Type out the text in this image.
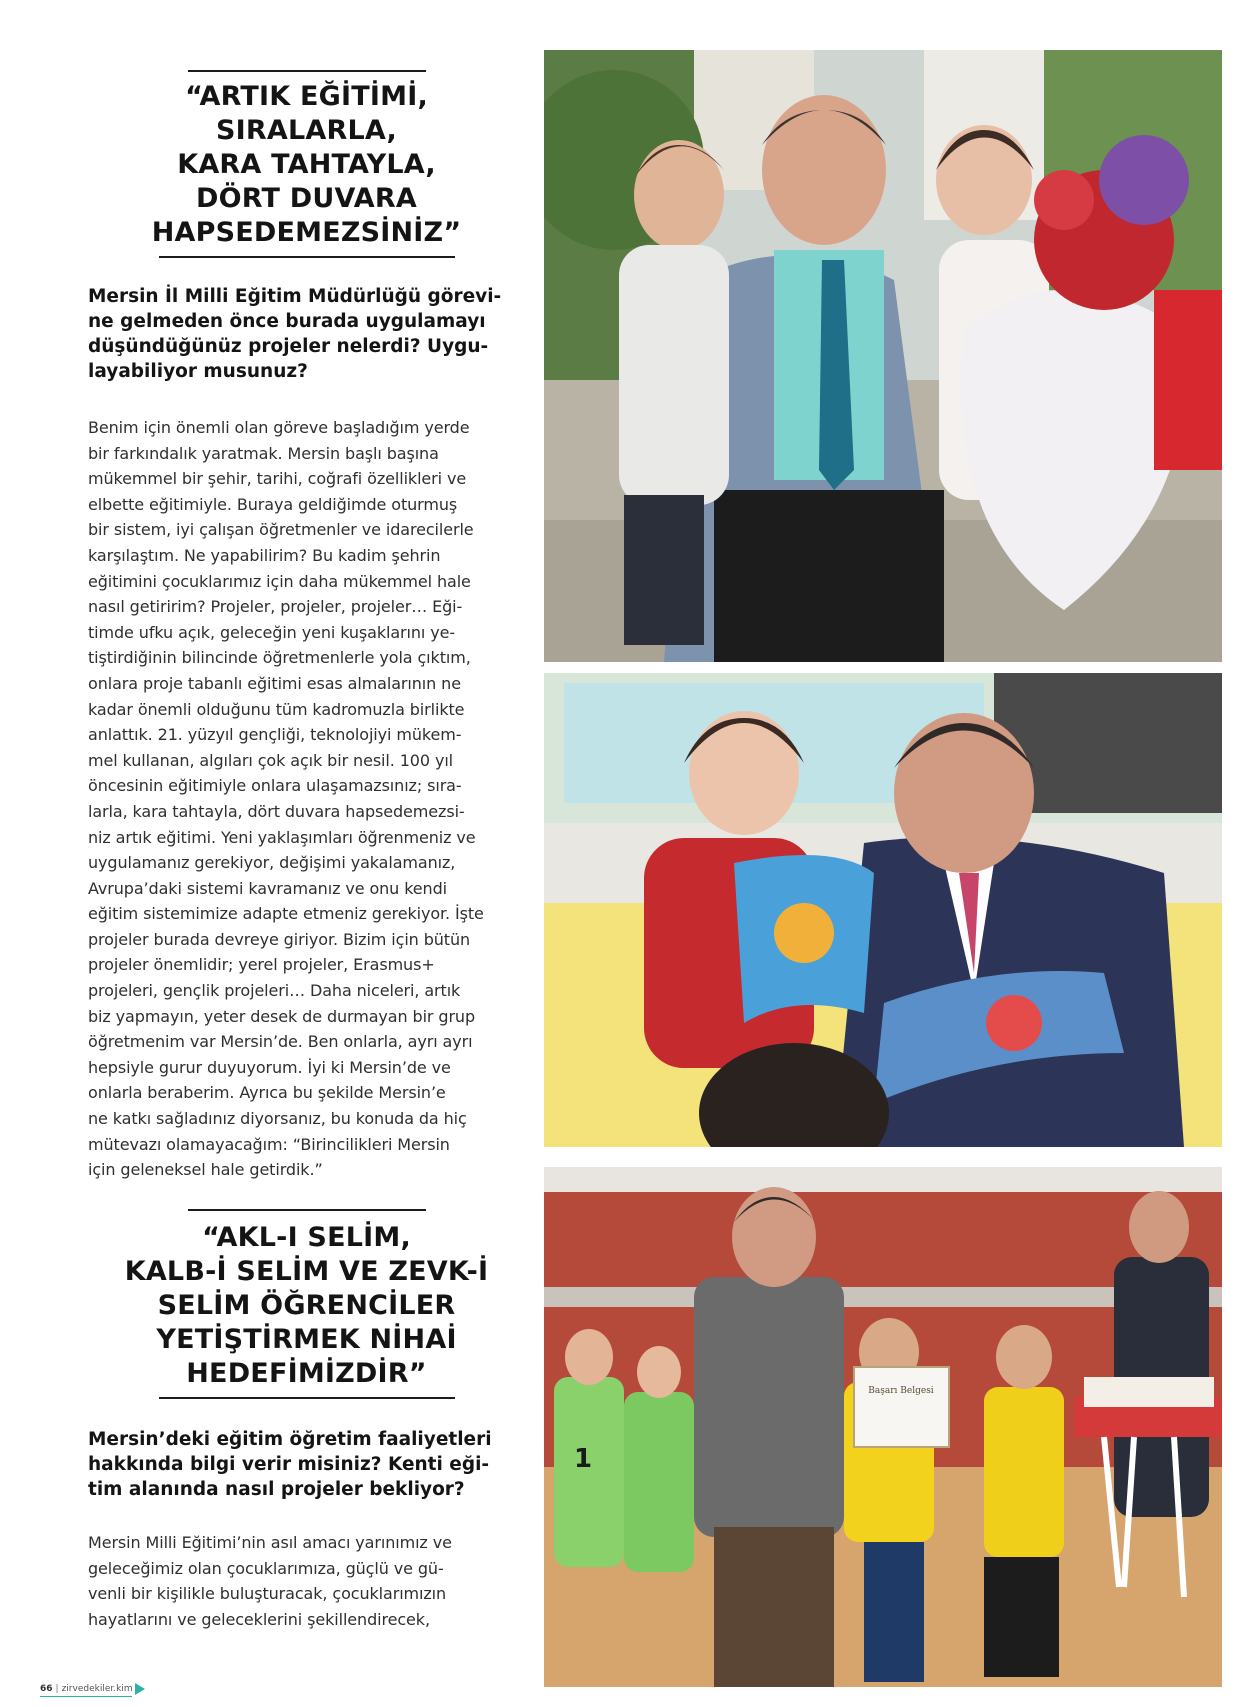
“ARTIK EĞİTİMİ,
SIRALARLA,
KARA TAHTAYLA,
DÖRT DUVARA
HAPSEDEMEZSİNİZ”
Mersin İl Milli Eğitim Müdürlüğü görevi-
ne gelmeden önce burada uygulamayı
düşündüğünüz projeler nelerdi? Uygu-
layabiliyor musunuz?
Benim için önemli olan göreve başladığım yerde
bir farkındalık yaratmak. Mersin başlı başına
mükemmel bir şehir, tarihi, coğrafi özellikleri ve
elbette eğitimiyle. Buraya geldiğimde oturmuş
bir sistem, iyi çalışan öğretmenler ve idarecilerle
karşılaştım. Ne yapabilirim? Bu kadim şehrin
eğitimini çocuklarımız için daha mükemmel hale
nasıl getiririm? Projeler, projeler, projeler… Eği-
timde ufku açık, geleceğin yeni kuşaklarını ye-
tiştirdiğinin bilincinde öğretmenlerle yola çıktım,
onlara proje tabanlı eğitimi esas almalarının ne
kadar önemli olduğunu tüm kadromuzla birlikte
anlattık. 21. yüzyıl gençliği, teknolojiyi mükem-
mel kullanan, algıları çok açık bir nesil. 100 yıl
öncesinin eğitimiyle onlara ulaşamazsınız; sıra-
larla, kara tahtayla, dört duvara hapsedemezsi-
niz artık eğitimi. Yeni yaklaşımları öğrenmeniz ve
uygulamanız gerekiyor, değişimi yakalamanız,
Avrupa’daki sistemi kavramanız ve onu kendi
eğitim sistemimize adapte etmeniz gerekiyor. İşte
projeler burada devreye giriyor. Bizim için bütün
projeler önemlidir; yerel projeler, Erasmus+
projeleri, gençlik projeleri… Daha niceleri, artık
biz yapmayın, yeter desek de durmayan bir grup
öğretmenim var Mersin’de. Ben onlarla, ayrı ayrı
hepsiyle gurur duyuyorum. İyi ki Mersin’de ve
onlarla beraberim. Ayrıca bu şekilde Mersin’e
ne katkı sağladınız diyorsanız, bu konuda da hiç
mütevazı olamayacağım: “Birincilikleri Mersin
için geleneksel hale getirdik.”
“AKL-I SELİM,
KALB-İ SELİM VE ZEVK-İ
SELİM ÖĞRENCİLER
YETİŞTİRMEK NİHAİ
HEDEFİMİZDİR”
Mersin’deki eğitim öğretim faaliyetleri
hakkında bilgi verir misiniz? Kenti eği-
tim alanında nasıl projeler bekliyor?
Mersin Milli Eğitimi’nin asıl amacı yarınımız ve
geleceğimiz olan çocuklarımıza, güçlü ve gü-
venli bir kişilikle buluşturacak, çocuklarımızın
hayatlarını ve geleceklerini şekillendirecek,
66 | zirvedekiler.kim
1
Başarı Belgesi
